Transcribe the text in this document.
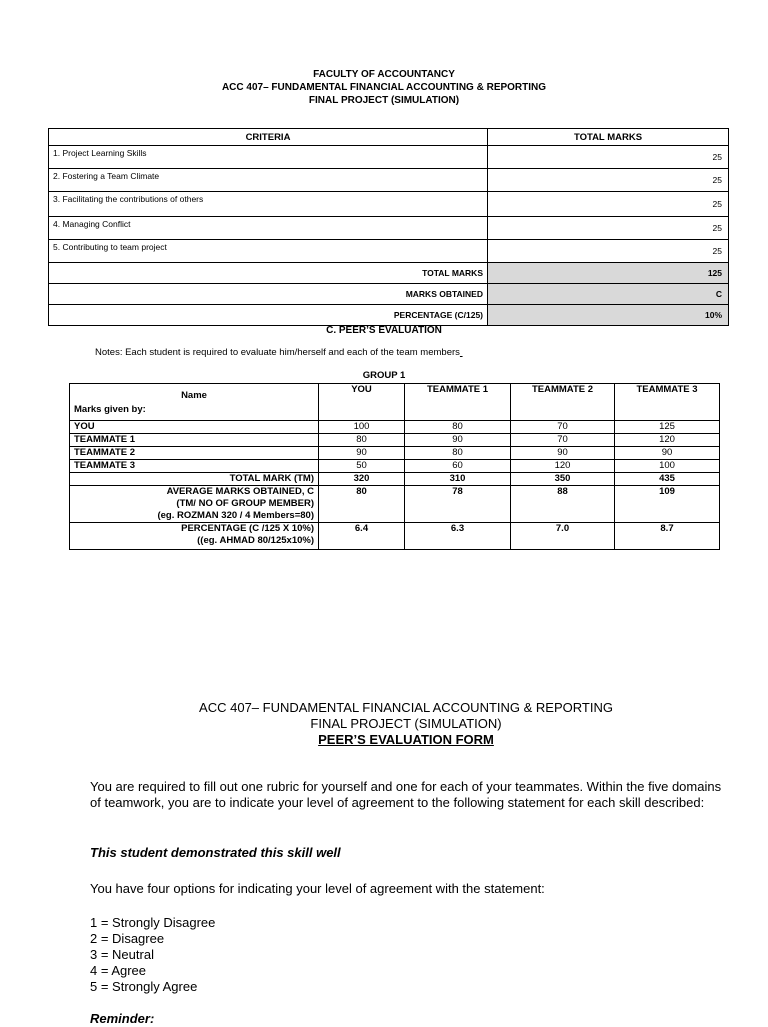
FACULTY OF ACCOUNTANCY
ACC 407– FUNDAMENTAL FINANCIAL ACCOUNTING & REPORTING
FINAL PROJECT (SIMULATION)
CRITERIA	TOTAL MARKS
1. Project Learning Skills	25
2. Fostering a Team Climate	25
3. Facilitating the contributions of others	25
4. Managing Conflict	25
5. Contributing to team project	25
TOTAL MARKS	125
MARKS OBTAINED	C
PERCENTAGE (C/125)	10%
C. PEER’S EVALUATION
Notes: Each student is required to evaluate him/herself and each of the team members
GROUP 1
Name
Marks given by:	YOU	TEAMMATE 1	TEAMMATE 2	TEAMMATE 3
YOU	100	80	70	125
TEAMMATE 1	80	90	70	120
TEAMMATE 2	90	80	90	90
TEAMMATE 3	50	60	120	100
TOTAL MARK (TM)	320	310	350	435

AVERAGE MARKS OBTAINED, C
(TM/ NO OF GROUP MEMBER)
(eg. ROZMAN 320 / 4 Members=80)	80	78	88	109

PERCENTAGE (C /125 X 10%)
((eg. AHMAD 80/125x10%)	6.4	6.3	7.0	8.7
ACC 407– FUNDAMENTAL FINANCIAL ACCOUNTING & REPORTING
FINAL PROJECT (SIMULATION)
PEER’S EVALUATION FORM
You are required to fill out one rubric for yourself and one for each of your teammates. Within the five domains of teamwork, you are to indicate your level of agreement to the following statement for each skill described:
This student demonstrated this skill well
You have four options for indicating your level of agreement with the statement:
1 = Strongly Disagree
2 = Disagree
3 = Neutral
4 = Agree
5 = Strongly Agree
Reminder:
